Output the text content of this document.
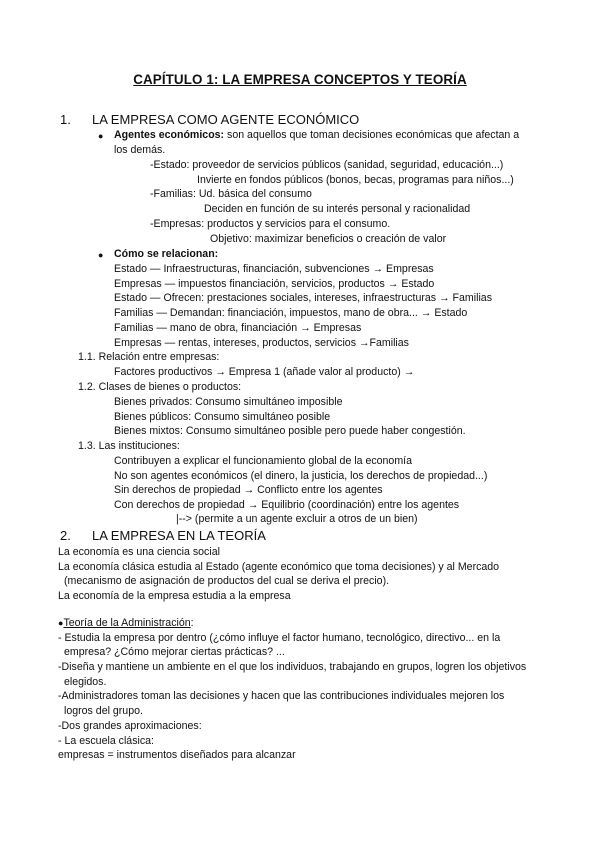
CAPÍTULO 1: LA EMPRESA CONCEPTOS Y TEORÍA
1. LA EMPRESA COMO AGENTE ECONÓMICO
● Agentes económicos: son aquellos que toman decisiones económicas que afectan a
los demás.
-Estado: proveedor de servicios públicos (sanidad, seguridad, educación...)
Invierte en fondos públicos (bonos, becas, programas para niños...)
-Familias: Ud. básica del consumo
Deciden en función de su interés personal y racionalidad
-Empresas: productos y servicios para el consumo.
Objetivo: maximizar beneficios o creación de valor
● Cómo se relacionan:
Estado — Infraestructuras, financiación, subvenciones → Empresas
Empresas — impuestos financiación, servicios, productos → Estado
Estado — Ofrecen: prestaciones sociales, intereses, infraestructuras → Familias
Familias — Demandan: financiación, impuestos, mano de obra... → Estado
Familias — mano de obra, financiación → Empresas
Empresas — rentas, intereses, productos, servicios →Familias
1.1. Relación entre empresas:
Factores productivos → Empresa 1 (añade valor al producto) →
1.2. Clases de bienes o productos:
Bienes privados: Consumo simultáneo imposible
Bienes públicos: Consumo simultáneo posible
Bienes mixtos: Consumo simultáneo posible pero puede haber congestión.
1.3. Las instituciones:
Contribuyen a explicar el funcionamiento global de la economía
No son agentes económicos (el dinero, la justicia, los derechos de propiedad...)
Sin derechos de propiedad → Conflicto entre los agentes
Con derechos de propiedad → Equilibrio (coordinación) entre los agentes
|--> (permite a un agente excluir a otros de un bien)
2. LA EMPRESA EN LA TEORÍA
La economía es una ciencia social
La economía clásica estudia al Estado (agente económico que toma decisiones) y al Mercado
(mecanismo de asignación de productos del cual se deriva el precio).
La economía de la empresa estudia a la empresa
●Teoría de la Administración:
- Estudia la empresa por dentro (¿cómo influye el factor humano, tecnológico, directivo... en la
empresa? ¿Cómo mejorar ciertas prácticas? ...
-Diseña y mantiene un ambiente en el que los individuos, trabajando en grupos, logren los objetivos
elegidos.
-Administradores toman las decisiones y hacen que las contribuciones individuales mejoren los
logros del grupo.
-Dos grandes aproximaciones:
- La escuela clásica:
empresas = instrumentos diseñados para alcanzar
